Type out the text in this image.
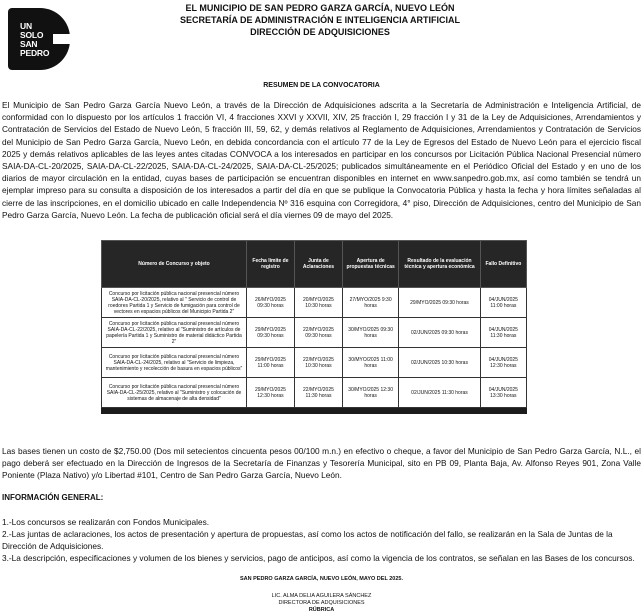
UN SOLO SAN PEDRO
EL MUNICIPIO DE SAN PEDRO GARZA GARCÍA, NUEVO LEÓN
SECRETARÍA DE ADMINISTRACIÓN E INTELIGENCIA ARTIFICIAL
DIRECCIÓN DE ADQUISICIONES
RESUMEN DE LA CONVOCATORIA

El Municipio de San Pedro Garza García Nuevo León, a través de la Dirección de Adquisiciones adscrita a la Secretaría de Administración e Inteligencia Artificial, de conformidad con lo dispuesto por los artículos 1 fracción VI, 4 fracciones XXVI y XXVII, XIV, 25 fracción I, 29 fracción I y 31 de la Ley de Adquisiciones, Arrendamientos y Contratación de Servicios del Estado de Nuevo León, 5 fracción III, 59, 62, y demás relativos al Reglamento de Adquisiciones, Arrendamientos y Contratación de Servicios del Municipio de San Pedro Garza García, Nuevo León, en debida concordancia con el artículo 77 de la Ley de Egresos del Estado de Nuevo León para el ejercicio fiscal 2025 y demás relativos aplicables de las leyes antes citadas CONVOCA a los interesados en participar en los concursos por Licitación Pública Nacional Presencial número SAIA-DA-CL-20/2025, SAIA-DA-CL-22/2025, SAIA-DA-CL-24/2025, SAIA-DA-CL-25/2025; publicados simultáneamente en el Periódico Oficial del Estado y en uno de los diarios de mayor circulación en la entidad, cuyas bases de participación se encuentran disponibles en internet en www.sanpedro.gob.mx, así como también se tendrá un ejemplar impreso para su consulta a disposición de los interesados a partir del día en que se publique la Convocatoria Pública y hasta la fecha y hora límites señaladas al cierre de las inscripciones, en el domicilio ubicado en calle Independencia Nº 316 esquina con Corregidora, 4° piso, Dirección de Adquisiciones, centro del Municipio de San Pedro Garza García, Nuevo León. La fecha de publicación oficial será el día viernes 09 de mayo del 2025.

Número de Concurso y objeto	Fecha límite de registro	Junta de Aclaraciones	Apertura de propuestas técnicas	Resultado de la evaluación técnica y apertura económica	Fallo Definitivo
Concurso por licitación pública nacional presencial número SAIA-DA-CL-20/2025, relativo al " Servicio de control de roedores Partida 1 y Servicio de fumigación para control de vectores en espacios públicos del Municipio Partida 2"	26/MYO/2025 09:30 horas	20/MYO/2025 10:30 horas	27/MYO/2025 9:30 horas	29/MYO/2025 09:30 horas	04/JUN/2025 11:00 horas
Concurso por licitación pública nacional presencial número SAIA-DA-CL-22/2025, relativo al "Suministro de artículos de papelería Partida 1 y Suministro de material didáctico Partida 2"	29/MYO/2025 09:30 horas	22/MYO/2025 09:30 horas	30/MYO/2025 09:30 horas	02/JUN/2025 09:30 horas	04/JUN/2025 11:30 horas
Concurso por licitación pública nacional presencial número SAIA-DA-CL-24/2025, relativo al "Servicio de limpieza, mantenimiento y recolección de basura en espacios públicos"	29/MYO/2025 11:00 horas	22/MYO/2025 10:30 horas	30/MYO/2025 11:00 horas	02/JUN/2025 10:30 horas	04/JUN/2025 12:30 horas
Concurso por licitación pública nacional presencial número SAIA-DA-CL-25/2025, relativo al "Suministro y colocación de sistemas de almacenaje de alta densidad"	29/MYO/2025 12:30 horas	22/MYO/2025 11:30 horas	30/MYO/2025 12:30 horas	02/JUN/2025 11:30 horas	04/JUN/2025 13:30 horas

Las bases tienen un costo de $2,750.00 (Dos mil setecientos cincuenta pesos 00/100 m.n.) en efectivo o cheque, a favor del Municipio de San Pedro Garza García, N.L., el pago deberá ser efectuado en la Dirección de Ingresos de la Secretaría de Finanzas y Tesorería Municipal, sito en PB 09, Planta Baja, Av. Alfonso Reyes 901, Zona Valle Poniente (Plaza Nativo) y/o Libertad #101, Centro de San Pedro Garza García, Nuevo León.

INFORMACIÓN GENERAL:

1.-Los concursos se realizarán con Fondos Municipales.

2.-Las juntas de aclaraciones, los actos de presentación y apertura de propuestas, así como los actos de notificación del fallo, se realizarán en la Sala de Juntas de la Dirección de Adquisiciones.

3.-La descripción, especificaciones y volumen de los bienes y servicios, pago de anticipos, así como la vigencia de los contratos, se señalan en las Bases de los concursos.

SAN PEDRO GARZA GARCÍA, NUEVO LEÓN, MAYO DEL 2025.
LIC. ALMA DELIA AGUILERA SÁNCHEZ
DIRECTORA DE ADQUISICIONES
RÚBRICA
